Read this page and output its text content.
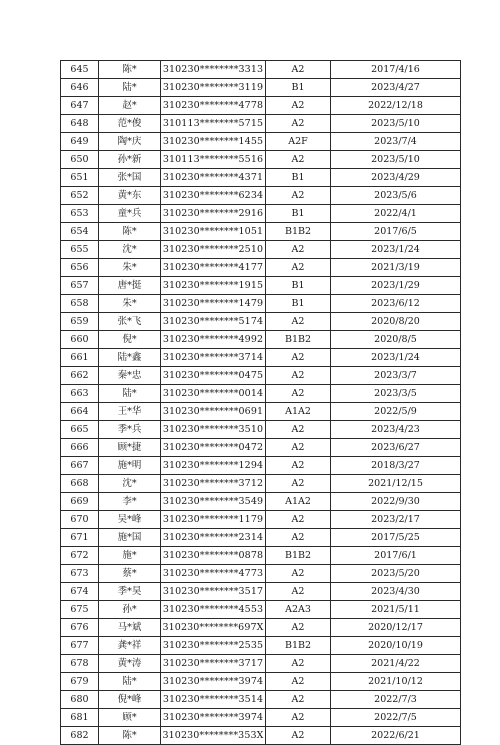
645	陈*	310230********3313	A2	2017/4/16
646	陆*	310230********3119	B1	2023/4/27
647	赵*	310230********4778	A2	2022/12/18
648	范*俊	310113********5715	A2	2023/5/10
649	陶*庆	310230********1455	A2F	2023/7/4
650	孙*新	310113********5516	A2	2023/5/10
651	张*国	310230********4371	B1	2023/4/29
652	黄*东	310230********6234	A2	2023/5/6
653	童*兵	310230********2916	B1	2022/4/1
654	陈*	310230********1051	B1B2	2017/6/5
655	沈*	310230********2510	A2	2023/1/24
656	朱*	310230********4177	A2	2021/3/19
657	唐*挺	310230********1915	B1	2023/1/29
658	朱*	310230********1479	B1	2023/6/12
659	张*飞	310230********5174	A2	2020/8/20
660	倪*	310230********4992	B1B2	2020/8/5
661	陆*鑫	310230********3714	A2	2023/1/24
662	秦*忠	310230********0475	A2	2023/3/7
663	陆*	310230********0014	A2	2023/3/5
664	王*华	310230********0691	A1A2	2022/5/9
665	季*兵	310230********3510	A2	2023/4/23
666	顾*捷	310230********0472	A2	2023/6/27
667	施*明	310230********1294	A2	2018/3/27
668	沈*	310230********3712	A2	2021/12/15
669	李*	310230********3549	A1A2	2022/9/30
670	吴*峰	310230********1179	A2	2023/2/17
671	施*国	310230********2314	A2	2017/5/25
672	施*	310230********0878	B1B2	2017/6/1
673	蔡*	310230********4773	A2	2023/5/20
674	季*昊	310230********3517	A2	2023/4/30
675	孙*	310230********4553	A2A3	2021/5/11
676	马*斌	310230********697X	A2	2020/12/17
677	龚*祥	310230********2535	B1B2	2020/10/19
678	黄*涛	310230********3717	A2	2021/4/22
679	陆*	310230********3974	A2	2021/10/12
680	倪*峰	310230********3514	A2	2022/7/3
681	顾*	310230********3974	A2	2022/7/5
682	陈*	310230********353X	A2	2022/6/21
